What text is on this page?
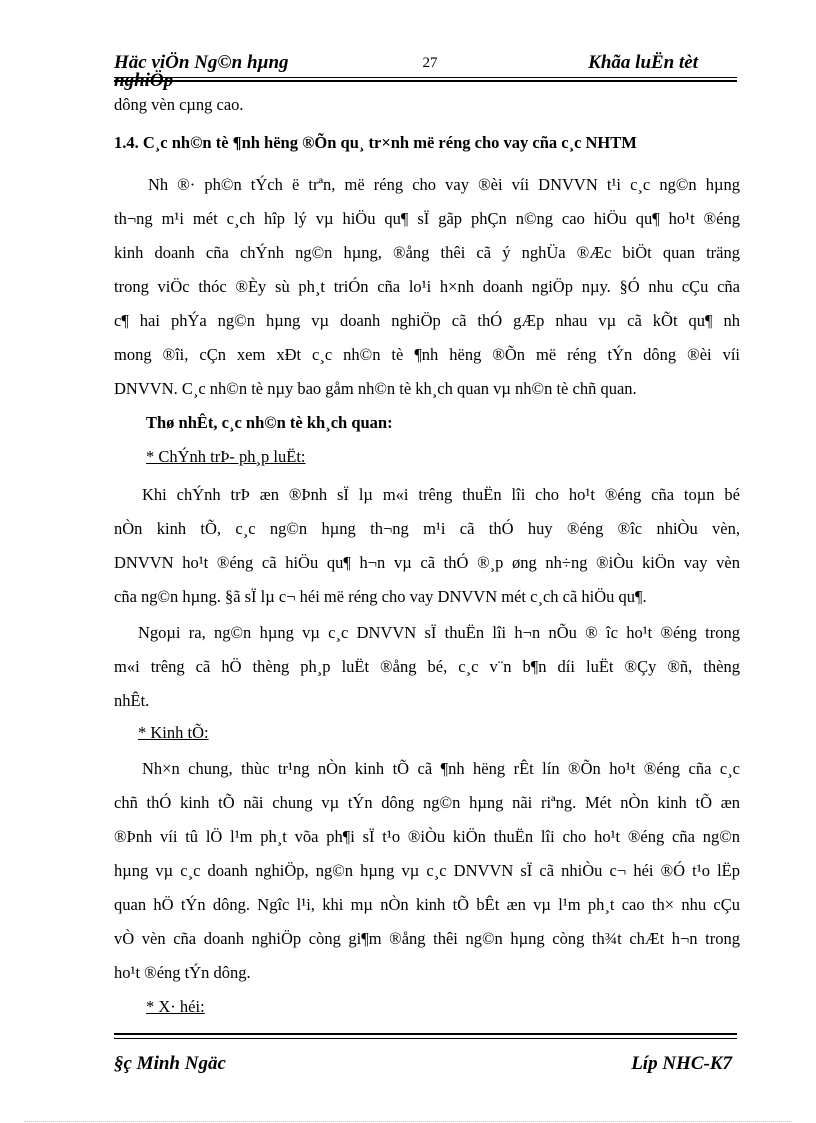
Häc viÖn Ng©n hµng
nghiÖp
27	Khãa luËn tèt
dông vèn cµng cao.
1.4. C¸c nh©n tè ¶nh hëng ®Õn qu¸ tr×nh më réng cho vay cña c¸c NHTM
Nh ®· ph©n tÝch ë trªn, më réng cho vay ®èi víi DNVVN t¹i c¸c ng©n hµng
th¬ng m¹i mét c¸ch hîp lý vµ hiÖu qu¶ sÏ gãp phÇn n©ng cao hiÖu qu¶ ho¹t ®éng
kinh doanh cña chÝnh ng©n hµng, ®ång thêi cã ý nghÜa ®Æc biÖt quan träng
trong viÖc thóc ®Èy sù ph¸t triÓn cña lo¹i h×nh doanh ngiÖp nµy. §Ó nhu cÇu cña
c¶ hai phÝa ng©n hµng vµ doanh nghiÖp cã thÓ gÆp nhau vµ cã kÕt qu¶ nh
mong ®îi, cÇn xem xÐt c¸c nh©n tè ¶nh hëng ®Õn më réng tÝn dông ®èi víi
DNVVN. C¸c nh©n tè nµy bao gåm nh©n tè kh¸ch quan vµ nh©n tè chñ quan.
Thø nhÊt, c¸c nh©n tè kh¸ch quan:
* ChÝnh trÞ- ph¸p luËt:
Khi chÝnh trÞ æn ®Þnh sÏ lµ m«i trêng thuËn lîi cho ho¹t ®éng cña toµn bé
nÒn kinh tÕ, c¸c ng©n hµng th¬ng m¹i cã thÓ huy ®éng ®îc nhiÒu vèn,
DNVVN ho¹t ®éng cã hiÖu qu¶ h¬n vµ cã thÓ ®¸p øng nh÷ng ®iÒu kiÖn vay vèn
cña ng©n hµng. §ã sÏ lµ c¬ héi më réng cho vay DNVVN mét c¸ch cã hiÖu qu¶.
Ngoµi ra, ng©n hµng vµ c¸c DNVVN sÏ thuËn lîi h¬n nÕu ® îc ho¹t ®éng trong
m«i trêng cã hÖ thèng ph¸p luËt ®ång bé, c¸c v¨n b¶n díi luËt ®Çy ®ñ, thèng
nhÊt.
* Kinh tÕ:
Nh×n chung, thùc tr¹ng nÒn kinh tÕ cã ¶nh hëng rÊt lín ®Õn ho¹t ®éng cña c¸c
chñ thÓ kinh tÕ nãi chung vµ tÝn dông ng©n hµng nãi riªng. Mét nÒn kinh tÕ æn
®Þnh víi tû lÖ l¹m ph¸t võa ph¶i sÏ t¹o ®iÒu kiÖn thuËn lîi cho ho¹t ®éng cña ng©n
hµng vµ c¸c doanh nghiÖp, ng©n hµng vµ c¸c DNVVN sÏ cã nhiÒu c¬ héi ®Ó t¹o lËp
quan hÖ tÝn dông. Ngîc l¹i, khi mµ nÒn kinh tÕ bÊt æn vµ l¹m ph¸t cao th× nhu cÇu
vÒ vèn cña doanh nghiÖp còng gi¶m ®ång thêi ng©n hµng còng th¾t chÆt h¬n trong
ho¹t ®éng tÝn dông.
* X· héi:
§ç Minh Ngäc	Líp NHC-K7
